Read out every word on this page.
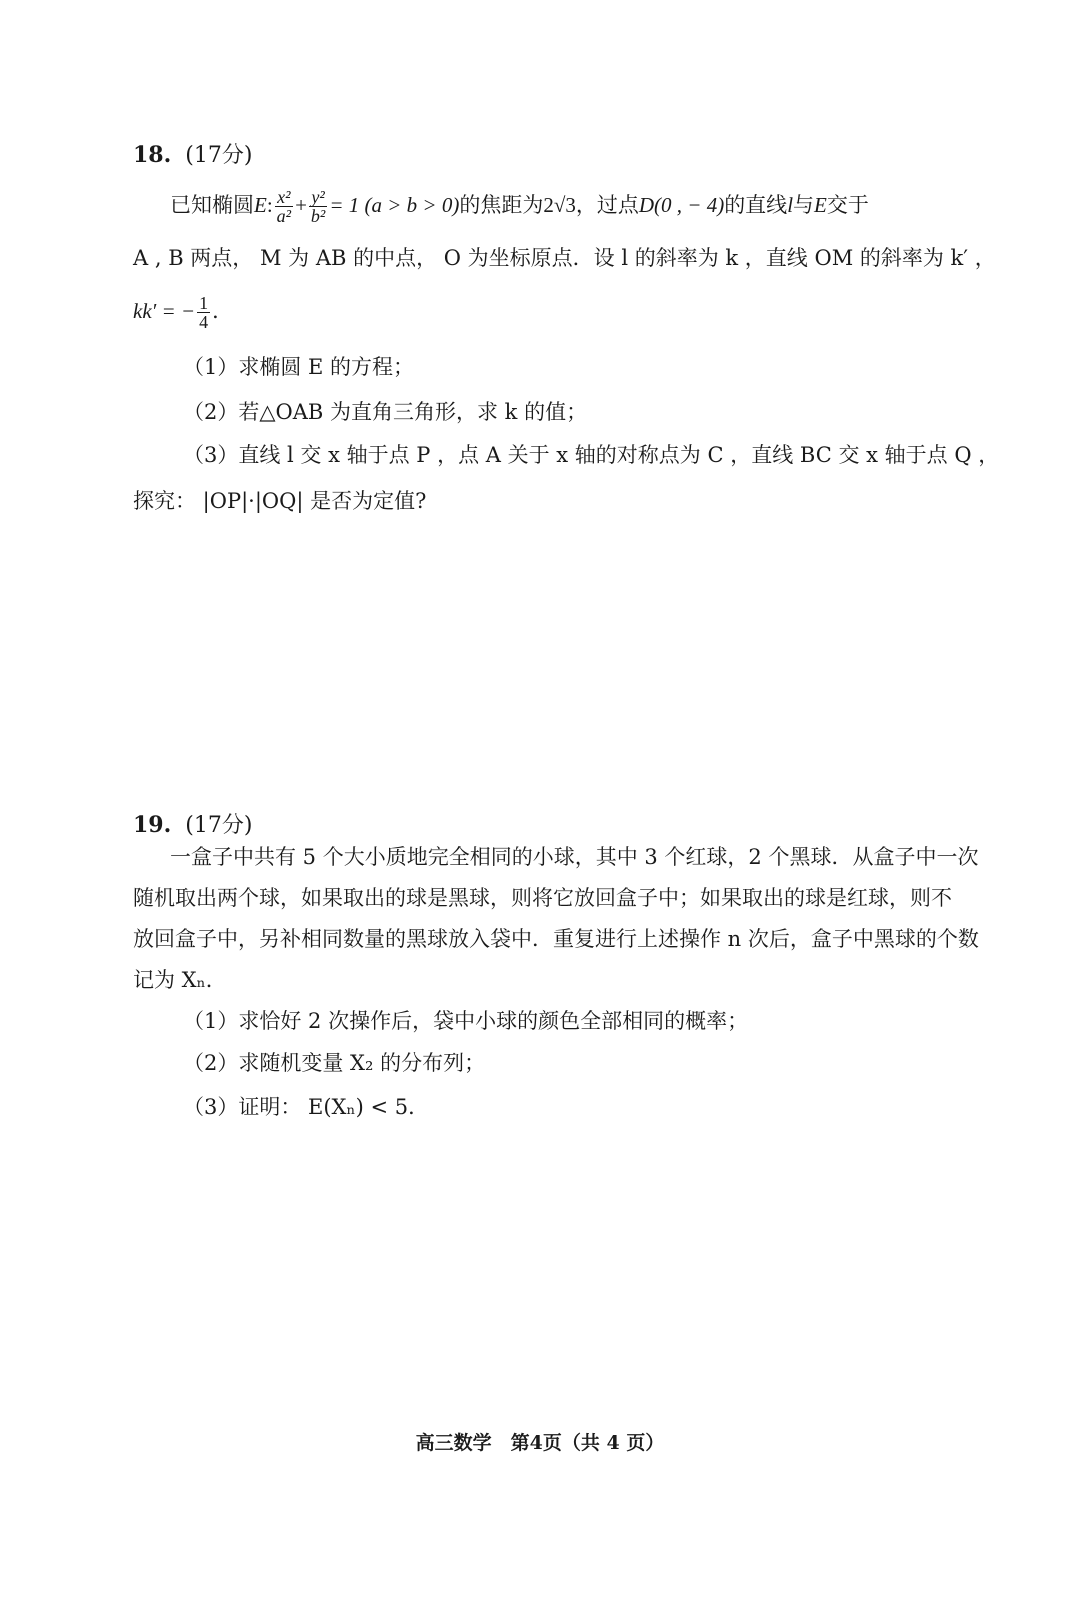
18. (17分)
已知椭圆E: $\frac{\text{x²}}{\text{a²}} + \frac{\text{y²}}{\text{b²}} = 1$ (a > b > 0)的焦距为2√3，过点D(0 , − 4)的直线l与E交于
A , B 两点， M 为 AB 的中点， O 为坐标原点．设 l 的斜率为 k ，直线 OM 的斜率为 k′ ，
kk′ = − $\frac{1}{4}$ ．
（1）求椭圆 E 的方程；
（2）若△OAB 为直角三角形，求 k 的值；
（3）直线 l 交 x 轴于点 P ，点 A 关于 x 轴的对称点为 C ，直线 BC 交 x 轴于点 Q ，
探究： |OP|·|OQ| 是否为定值?
19. (17分)
一盒子中共有 5 个大小质地完全相同的小球，其中 3 个红球，2 个黑球．从盒子中一次
随机取出两个球，如果取出的球是黑球，则将它放回盒子中；如果取出的球是红球，则不
放回盒子中，另补相同数量的黑球放入袋中．重复进行上述操作 n 次后，盒子中黑球的个数
记为 Xₙ．
（1）求恰好 2 次操作后，袋中小球的颜色全部相同的概率；
（2）求随机变量 X₂ 的分布列；
（3）证明： E(Xₙ) < 5．
高三数学　第4页（共 4 页）
